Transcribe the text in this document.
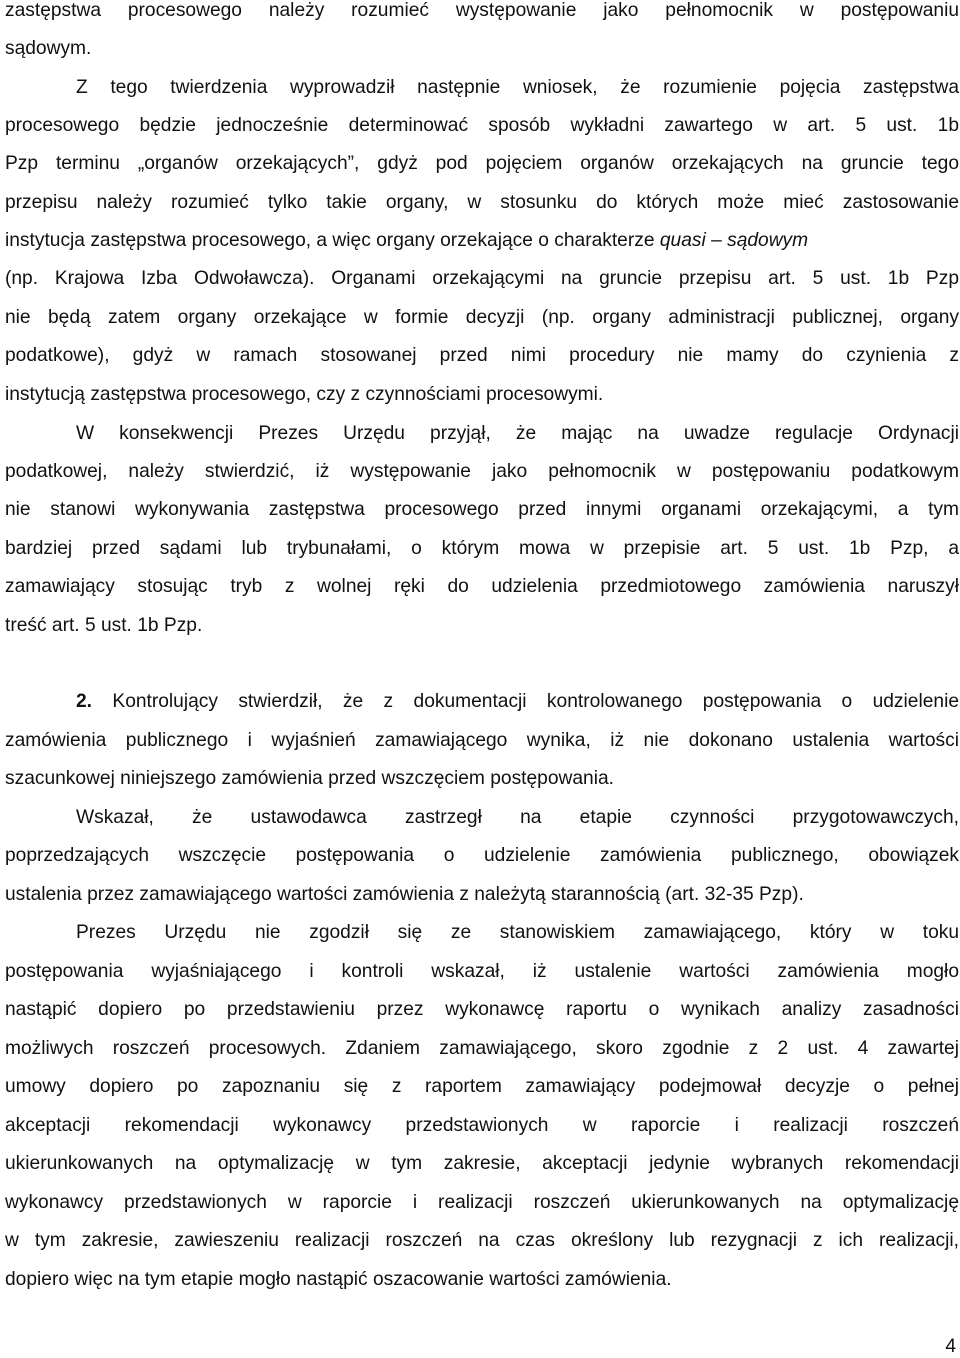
zastępstwa procesowego należy rozumieć występowanie jako pełnomocnik w postępowaniu
sądowym.
Z tego twierdzenia wyprowadził następnie wniosek, że rozumienie pojęcia zastępstwa
procesowego będzie jednocześnie determinować sposób wykładni zawartego w art. 5 ust. 1b
Pzp terminu „organów orzekających”, gdyż pod pojęciem organów orzekających na gruncie tego
przepisu należy rozumieć tylko takie organy, w stosunku do których może mieć zastosowanie
instytucja zastępstwa procesowego, a więc organy orzekające o charakterze quasi – sądowym
(np. Krajowa Izba Odwoławcza). Organami orzekającymi na gruncie przepisu art. 5 ust. 1b Pzp
nie będą zatem organy orzekające w formie decyzji (np. organy administracji publicznej, organy
podatkowe), gdyż w ramach stosowanej przed nimi procedury nie mamy do czynienia z
instytucją zastępstwa procesowego, czy z czynnościami procesowymi.
W konsekwencji Prezes Urzędu przyjął, że mając na uwadze regulacje Ordynacji
podatkowej, należy stwierdzić, iż występowanie jako pełnomocnik w postępowaniu podatkowym
nie stanowi wykonywania zastępstwa procesowego przed innymi organami orzekającymi, a tym
bardziej przed sądami lub trybunałami, o którym mowa w przepisie art. 5 ust. 1b Pzp, a
zamawiający stosując tryb z wolnej ręki do udzielenia przedmiotowego zamówienia naruszył
treść art. 5 ust. 1b Pzp.
2. Kontrolujący stwierdził, że z dokumentacji kontrolowanego postępowania o udzielenie
zamówienia publicznego i wyjaśnień zamawiającego wynika, iż nie dokonano ustalenia wartości
szacunkowej niniejszego zamówienia przed wszczęciem postępowania.
Wskazał, że ustawodawca zastrzegł na etapie czynności przygotowawczych,
poprzedzających wszczęcie postępowania o udzielenie zamówienia publicznego, obowiązek
ustalenia przez zamawiającego wartości zamówienia z należytą starannością (art. 32-35 Pzp).
Prezes Urzędu nie zgodził się ze stanowiskiem zamawiającego, który w toku
postępowania wyjaśniającego i kontroli wskazał, iż ustalenie wartości zamówienia mogło
nastąpić dopiero po przedstawieniu przez wykonawcę raportu o wynikach analizy zasadności
możliwych roszczeń procesowych. Zdaniem zamawiającego, skoro zgodnie z 2 ust. 4 zawartej
umowy dopiero po zapoznaniu się z raportem zamawiający podejmował decyzje o pełnej
akceptacji rekomendacji wykonawcy przedstawionych w raporcie i realizacji roszczeń
ukierunkowanych na optymalizację w tym zakresie, akceptacji jedynie wybranych rekomendacji
wykonawcy przedstawionych w raporcie i realizacji roszczeń ukierunkowanych na optymalizację
w tym zakresie, zawieszeniu realizacji roszczeń na czas określony lub rezygnacji z ich realizacji,
dopiero więc na tym etapie mogło nastąpić oszacowanie wartości zamówienia.
4
